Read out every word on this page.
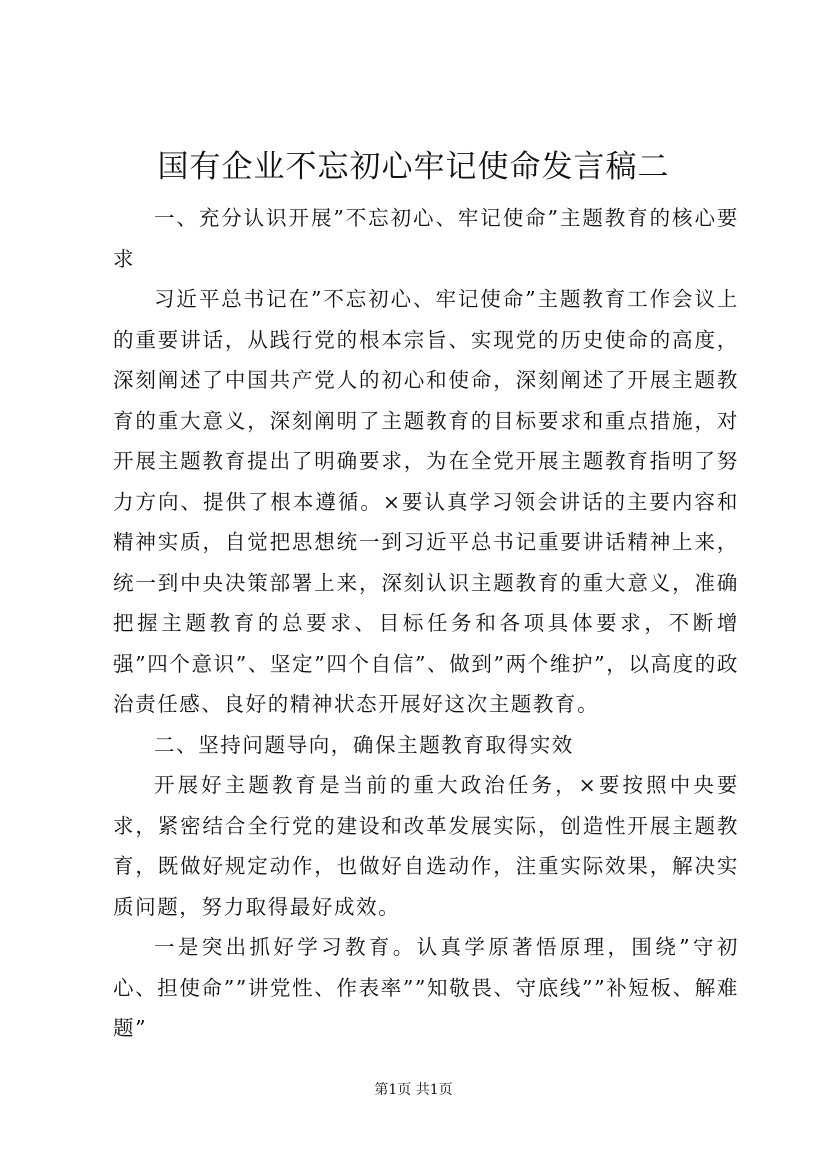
国有企业不忘初心牢记使命发言稿二

一、充分认识开展”不忘初心、牢记使命”主题教育的核心要求

习近平总书记在”不忘初心、牢记使命”主题教育工作会议上的重要讲话，从践行党的根本宗旨、实现党的历史使命的高度，深刻阐述了中国共产党人的初心和使命，深刻阐述了开展主题教育的重大意义，深刻阐明了主题教育的目标要求和重点措施，对开展主题教育提出了明确要求，为在全党开展主题教育指明了努力方向、提供了根本遵循。×要认真学习领会讲话的主要内容和精神实质，自觉把思想统一到习近平总书记重要讲话精神上来，统一到中央决策部署上来，深刻认识主题教育的重大意义，准确把握主题教育的总要求、目标任务和各项具体要求，不断增强”四个意识”、坚定”四个自信”、做到”两个维护”，以高度的政治责任感、良好的精神状态开展好这次主题教育。

二、坚持问题导向，确保主题教育取得实效

开展好主题教育是当前的重大政治任务，×要按照中央要求，紧密结合全行党的建设和改革发展实际，创造性开展主题教育，既做好规定动作，也做好自选动作，注重实际效果，解决实质问题，努力取得最好成效。

一是突出抓好学习教育。认真学原著悟原理，围绕”守初心、担使命””讲党性、作表率””知敬畏、守底线””补短板、解难题”

第1页 共1页
